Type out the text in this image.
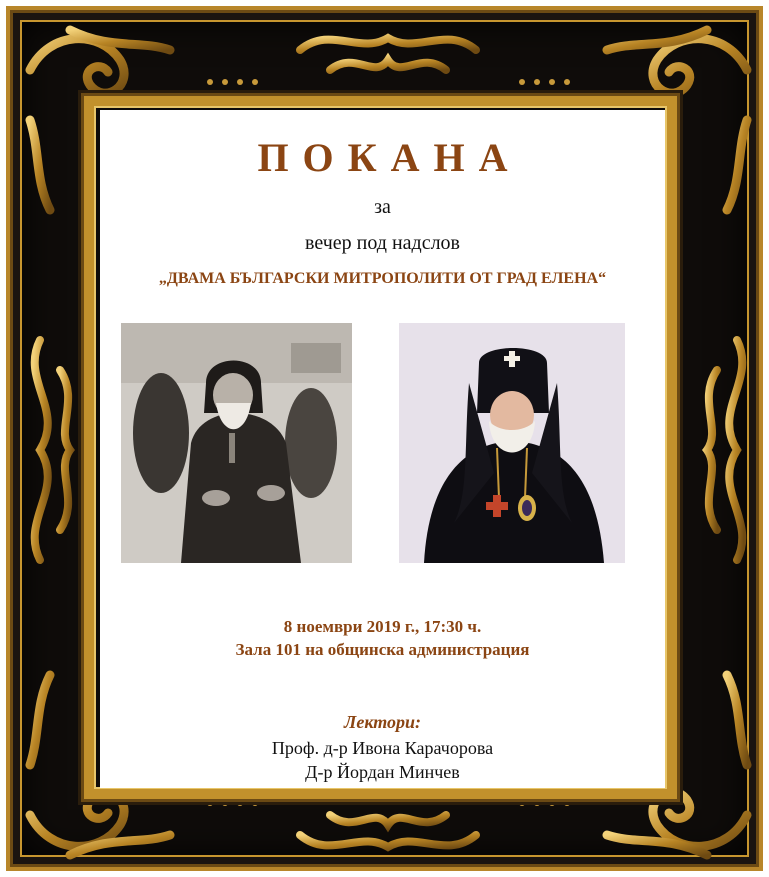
ПОКАНА

за

вечер под надслов

„ДВАМА БЪЛГАРСКИ МИТРОПОЛИТИ ОТ ГРАД ЕЛЕНА“

8 ноември 2019 г., 17:30 ч.

Зала 101 на общинска администрация

Лектори:

Проф. д-р Ивона Карачорова

Д-р Йордан Минчев
